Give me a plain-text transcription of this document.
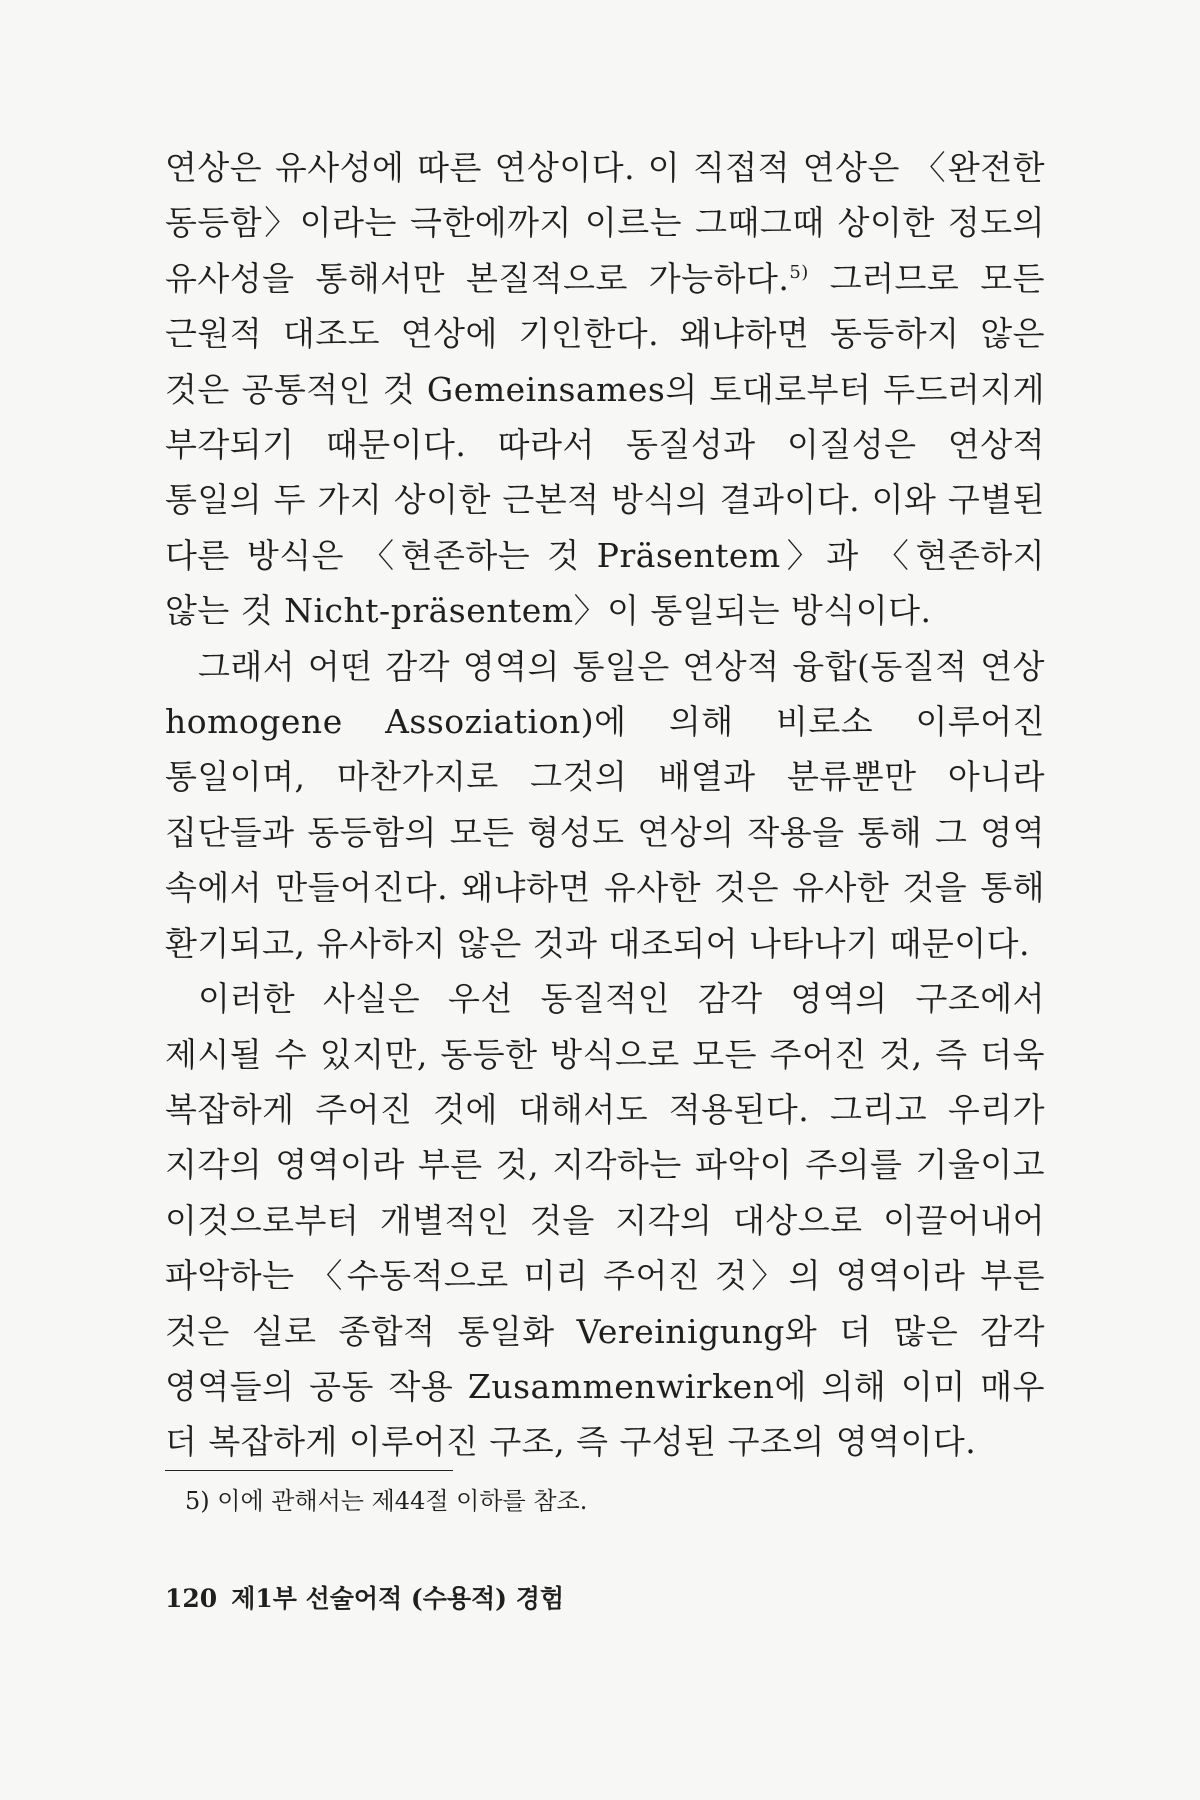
연상은 유사성에 따른 연상이다. 이 직접적 연상은 〈완전한 동등함〉이라는 극한에까지 이르는 그때그때 상이한 정도의 유사성을 통해서만 본질적으로 가능하다.$^{5)}$ 그러므로 모든 근원적 대조도 연상에 기인한다. 왜냐하면 동등하지 않은 것은 공통적인 것 Gemeinsames의 토대로부터 두드러지게 부각되기 때문이다. 따라서 동질성과 이질성은 연상적 통일의 두 가지 상이한 근본적 방식의 결과이다. 이와 구별된 다른 방식은 〈현존하는 것 Präsentem〉과 〈현존하지 않는 것 Nicht-präsentem〉이 통일되는 방식이다.

그래서 어떤 감각 영역의 통일은 연상적 융합(동질적 연상 homogene Assoziation)에 의해 비로소 이루어진 통일이며, 마찬가지로 그것의 배열과 분류뿐만 아니라 집단들과 동등함의 모든 형성도 연상의 작용을 통해 그 영역 속에서 만들어진다. 왜냐하면 유사한 것은 유사한 것을 통해 환기되고, 유사하지 않은 것과 대조되어 나타나기 때문이다.

이러한 사실은 우선 동질적인 감각 영역의 구조에서 제시될 수 있지만, 동등한 방식으로 모든 주어진 것, 즉 더욱 복잡하게 주어진 것에 대해서도 적용된다. 그리고 우리가 지각의 영역이라 부른 것, 지각하는 파악이 주의를 기울이고 이것으로부터 개별적인 것을 지각의 대상으로 이끌어내어 파악하는 〈수동적으로 미리 주어진 것〉의 영역이라 부른 것은 실로 종합적 통일화 Vereinigung와 더 많은 감각 영역들의 공동 작용 Zusammenwirken에 의해 이미 매우 더 복잡하게 이루어진 구조, 즉 구성된 구조의 영역이다.

5) 이에 관해서는 제44절 이하를 참조.

120 제1부 선술어적 (수용적) 경험
